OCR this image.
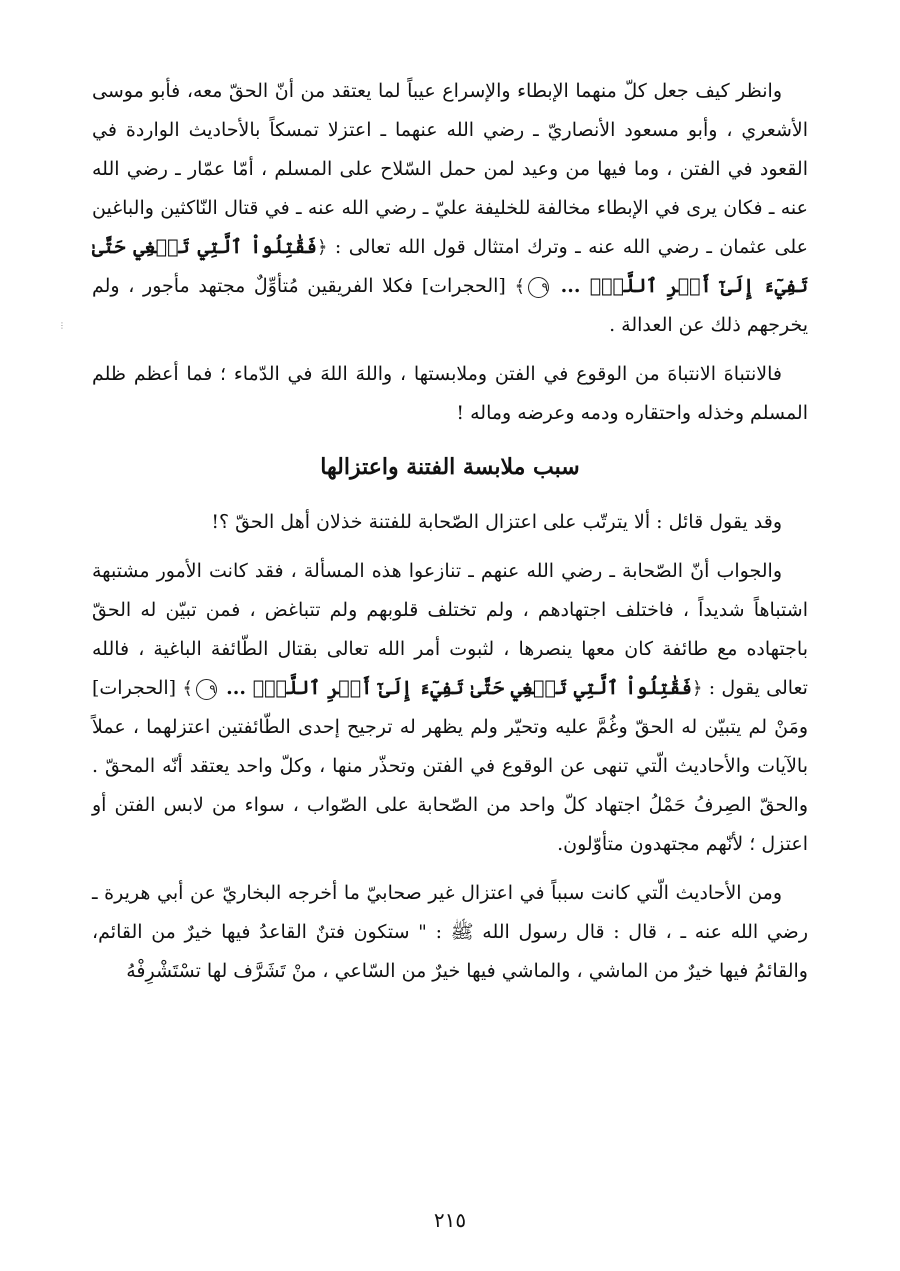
⋮

وانظر كيف جعل كلّ منهما الإبطاء والإسراع عيباً لما يعتقد من أنّ الحقّ معه، فأبو موسى الأشعري ، وأبو مسعود الأنصاريّ ـ رضي الله عنهما ـ اعتزلا تمسكاً بالأحاديث الواردة في القعود في الفتن ، وما فيها من وعيد لمن حمل السّلاح على المسلم ، أمّا عمّار ـ رضي الله عنه ـ فكان يرى في الإبطاء مخالفة للخليفة عليّ ـ رضي الله عنه ـ في قتال النّاكثين والباغين على عثمان ـ رضي الله عنه ـ وترك امتثال قول الله تعالى : ﴿فَقَٰتِلُواْ ٱلَّتِي تَبۡغِي حَتَّىٰ تَفِيٓءَ إِلَىٰٓ أَمۡرِ ٱللَّهِۚ ... ٩﴾ [الحجرات] فكلا الفريقين مُتأوِّلٌ مجتهد مأجور ، ولم يخرجهم ذلك عن العدالة .

فالانتباهَ الانتباهَ من الوقوع في الفتن وملابستها ، واللهَ اللهَ في الدّماء ؛ فما أعظم ظلم المسلم وخذله واحتقاره ودمه وعرضه وماله !

سبب ملابسة الفتنة واعتزالها

وقد يقول قائل : ألا يترتّب على اعتزال الصّحابة للفتنة خذلان أهل الحقّ ؟!

والجواب أنّ الصّحابة ـ رضي الله عنهم ـ تنازعوا هذه المسألة ، فقد كانت الأمور مشتبهة اشتباهاً شديداً ، فاختلف اجتهادهم ، ولم تختلف قلوبهم ولم تتباغض ، فمن تبيّن له الحقّ باجتهاده مع طائفة كان معها ينصرها ، لثبوت أمر الله تعالى بقتال الطّائفة الباغية ، فالله تعالى يقول : ﴿فَقَٰتِلُواْ ٱلَّتِي تَبۡغِي حَتَّىٰ تَفِيٓءَ إِلَىٰٓ أَمۡرِ ٱللَّهِۚ ... ٩﴾ [الحجرات] ومَنْ لم يتبيّن له الحقّ وغُمَّ عليه وتحيّر ولم يظهر له ترجيح إحدى الطّائفتين اعتزلهما ، عملاً بالآيات والأحاديث الّتي تنهى عن الوقوع في الفتن وتحذّر منها ، وكلّ واحد يعتقد أنّه المحقّ . والحقّ الصِرفُ حَمْلُ اجتهاد كلّ واحد من الصّحابة على الصّواب ، سواء من لابس الفتن أو اعتزل ؛ لأنّهم مجتهدون متأوّلون.

ومن الأحاديث الّتي كانت سبباً في اعتزال غير صحابيّ ما أخرجه البخاريّ عن أبي هريرة ـ رضي الله عنه ـ ، قال : قال رسول الله ﷺ : " ستكون فتنٌ القاعدُ فيها خيرٌ من القائم، والقائمُ فيها خيرٌ من الماشي ، والماشي فيها خيرٌ من السّاعي ، منْ تَشَرَّف لها تسْتَشْرِفْهُ

٢١٥
